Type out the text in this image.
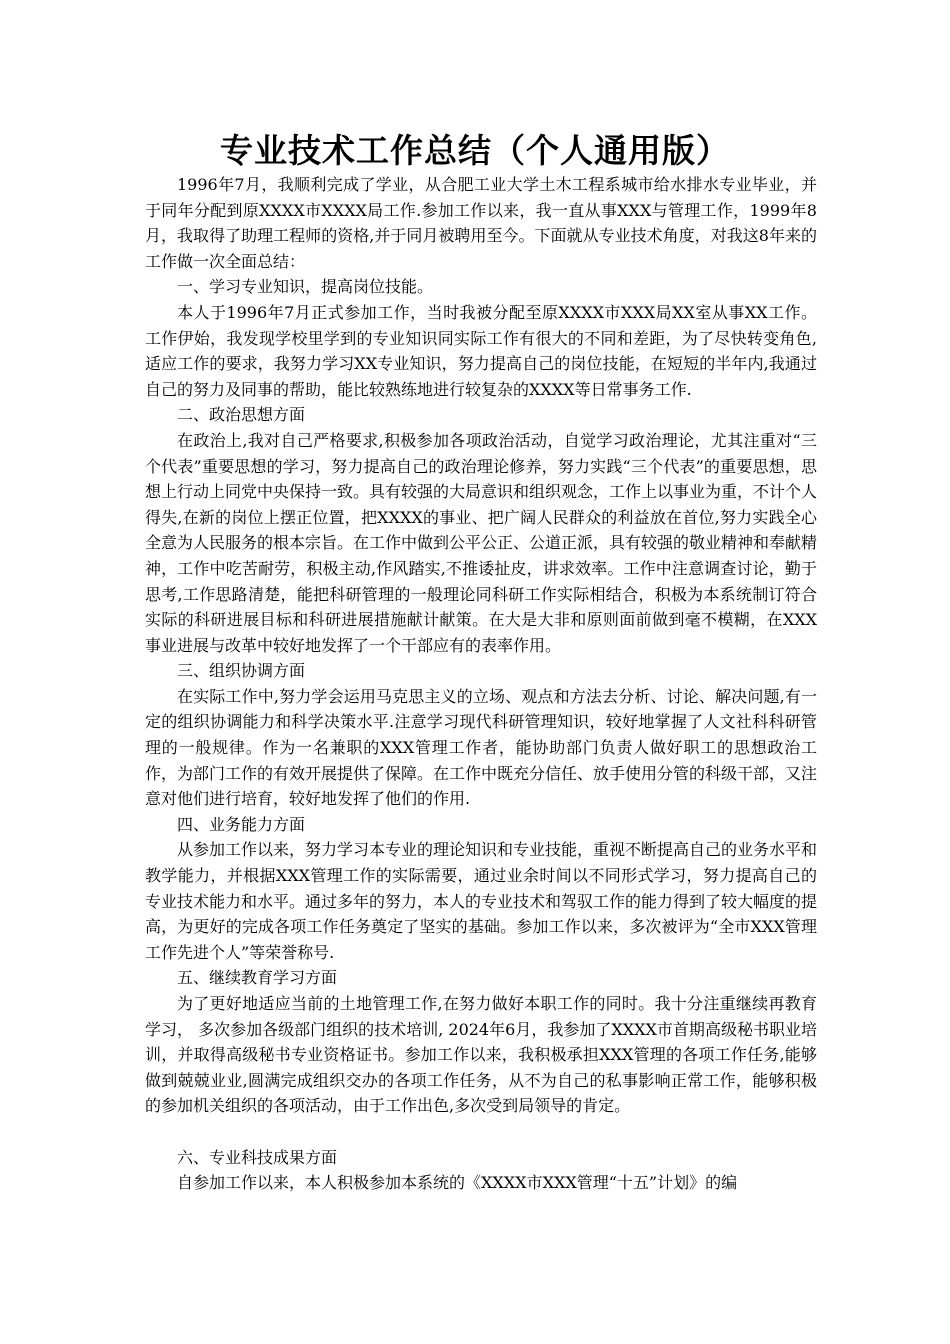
专业技术工作总结（个人通用版）

1996年7月，我顺利完成了学业，从合肥工业大学土木工程系城市给水排水专业毕业，并于同年分配到原XXXX市XXXX局工作.参加工作以来，我一直从事XXX与管理工作，1999年8月，我取得了助理工程师的资格,并于同月被聘用至今。下面就从专业技术角度，对我这8年来的工作做一次全面总结：

一、学习专业知识，提高岗位技能。

本人于1996年7月正式参加工作，当时我被分配至原XXXX市XXX局XX室从事XX工作。工作伊始，我发现学校里学到的专业知识同实际工作有很大的不同和差距，为了尽快转变角色,适应工作的要求，我努力学习XX专业知识，努力提高自己的岗位技能，在短短的半年内,我通过自己的努力及同事的帮助，能比较熟练地进行较复杂的XXXX等日常事务工作.

二、政治思想方面

在政治上,我对自己严格要求,积极参加各项政治活动，自觉学习政治理论，尤其注重对“三个代表”重要思想的学习，努力提高自己的政治理论修养，努力实践“三个代表”的重要思想，思想上行动上同党中央保持一致。具有较强的大局意识和组织观念，工作上以事业为重，不计个人得失,在新的岗位上摆正位置，把XXXX的事业、把广阔人民群众的利益放在首位,努力实践全心全意为人民服务的根本宗旨。在工作中做到公平公正、公道正派，具有较强的敬业精神和奉献精神，工作中吃苦耐劳，积极主动,作风踏实,不推诿扯皮，讲求效率。工作中注意调查讨论，勤于思考,工作思路清楚，能把科研管理的一般理论同科研工作实际相结合，积极为本系统制订符合实际的科研进展目标和科研进展措施献计献策。在大是大非和原则面前做到毫不模糊，在XXX事业进展与改革中较好地发挥了一个干部应有的表率作用。

三、组织协调方面

在实际工作中,努力学会运用马克思主义的立场、观点和方法去分析、讨论、解决问题,有一定的组织协调能力和科学决策水平.注意学习现代科研管理知识，较好地掌握了人文社科科研管理的一般规律。作为一名兼职的XXX管理工作者，能协助部门负责人做好职工的思想政治工作，为部门工作的有效开展提供了保障。在工作中既充分信任、放手使用分管的科级干部，又注意对他们进行培育，较好地发挥了他们的作用.

四、业务能力方面

从参加工作以来，努力学习本专业的理论知识和专业技能，重视不断提高自己的业务水平和教学能力，并根据XXX管理工作的实际需要，通过业余时间以不同形式学习，努力提高自己的专业技术能力和水平。通过多年的努力，本人的专业技术和驾驭工作的能力得到了较大幅度的提高，为更好的完成各项工作任务奠定了坚实的基础。参加工作以来，多次被评为“全市XXX管理工作先进个人”等荣誉称号.

五、继续教育学习方面

为了更好地适应当前的土地管理工作,在努力做好本职工作的同时。我十分注重继续再教育学习， 多次参加各级部门组织的技术培训, 2024年6月，我参加了XXXX市首期高级秘书职业培训，并取得高级秘书专业资格证书。参加工作以来，我积极承担XXX管理的各项工作任务,能够做到兢兢业业,圆满完成组织交办的各项工作任务，从不为自己的私事影响正常工作，能够积极的参加机关组织的各项活动，由于工作出色,多次受到局领导的肯定。

六、专业科技成果方面

自参加工作以来，本人积极参加本系统的《XXXX市XXX管理“十五”计划》的编
